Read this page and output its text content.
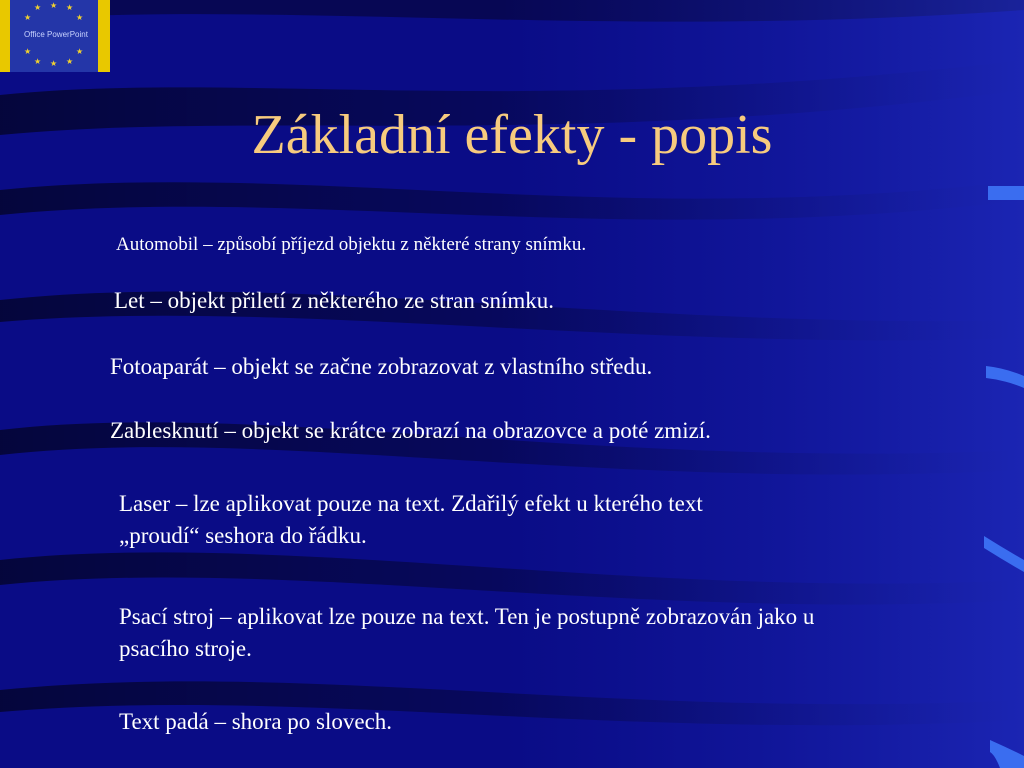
★ ★ ★
★	★
★	★
★ ★ ★
Office PowerPoint
Základní efekty - popis
Automobil – způsobí příjezd objektu z některé strany snímku.
Let – objekt přiletí z některého ze stran snímku.
Fotoaparát – objekt se začne zobrazovat z vlastního středu.
Zablesknutí – objekt se krátce zobrazí na obrazovce a poté zmizí.
Laser – lze aplikovat pouze na text. Zdařilý efekt u kterého text
„proudí“ seshora do řádku.
Psací stroj – aplikovat lze pouze na text. Ten je postupně zobrazován jako u
psacího stroje.
Text padá – shora po slovech.
